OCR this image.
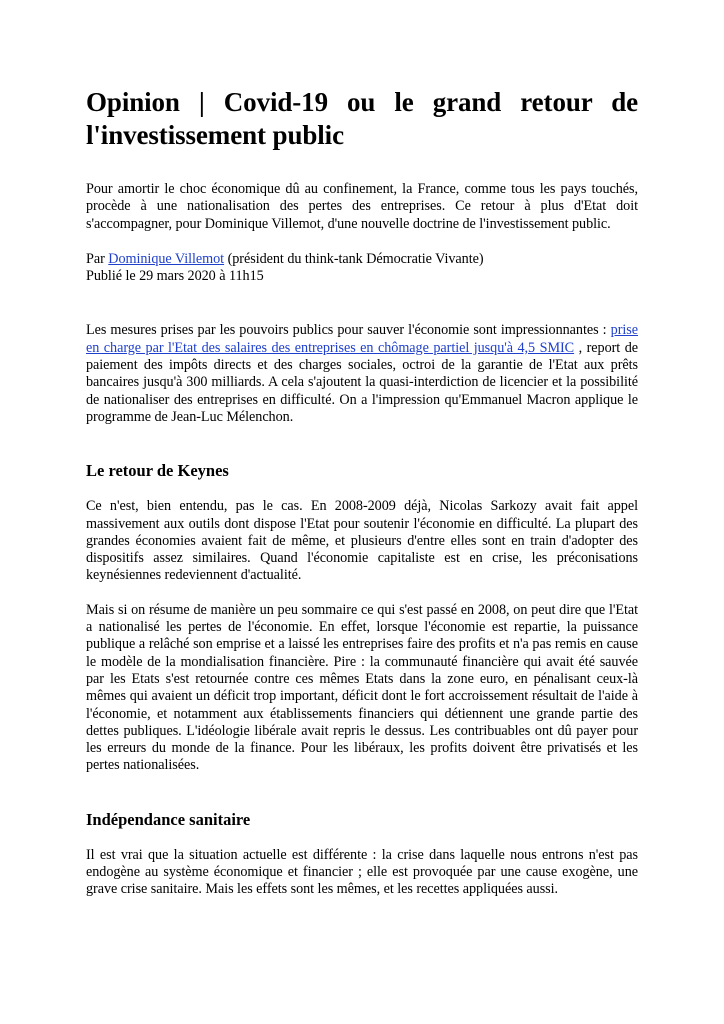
Opinion | Covid-19 ou le grand retour de l'investissement public

Pour amortir le choc économique dû au confinement, la France, comme tous les pays touchés, procède à une nationalisation des pertes des entreprises. Ce retour à plus d'Etat doit s'accompagner, pour Dominique Villemot, d'une nouvelle doctrine de l'investissement public.

Par Dominique Villemot (président du think-tank Démocratie Vivante)
Publié le 29 mars 2020 à 11h15

Les mesures prises par les pouvoirs publics pour sauver l'économie sont impressionnantes : prise en charge par l'Etat des salaires des entreprises en chômage partiel jusqu'à 4,5 SMIC , report de paiement des impôts directs et des charges sociales, octroi de la garantie de l'Etat aux prêts bancaires jusqu'à 300 milliards. A cela s'ajoutent la quasi-interdiction de licencier et la possibilité de nationaliser des entreprises en difficulté. On a l'impression qu'Emmanuel Macron applique le programme de Jean-Luc Mélenchon.

Le retour de Keynes

Ce n'est, bien entendu, pas le cas. En 2008-2009 déjà, Nicolas Sarkozy avait fait appel massivement aux outils dont dispose l'Etat pour soutenir l'économie en difficulté. La plupart des grandes économies avaient fait de même, et plusieurs d'entre elles sont en train d'adopter des dispositifs assez similaires. Quand l'économie capitaliste est en crise, les préconisations keynésiennes redeviennent d'actualité.

Mais si on résume de manière un peu sommaire ce qui s'est passé en 2008, on peut dire que l'Etat a nationalisé les pertes de l'économie. En effet, lorsque l'économie est repartie, la puissance publique a relâché son emprise et a laissé les entreprises faire des profits et n'a pas remis en cause le modèle de la mondialisation financière. Pire : la communauté financière qui avait été sauvée par les Etats s'est retournée contre ces mêmes Etats dans la zone euro, en pénalisant ceux-là mêmes qui avaient un déficit trop important, déficit dont le fort accroissement résultait de l'aide à l'économie, et notamment aux établissements financiers qui détiennent une grande partie des dettes publiques. L'idéologie libérale avait repris le dessus. Les contribuables ont dû payer pour les erreurs du monde de la finance. Pour les libéraux, les profits doivent être privatisés et les pertes nationalisées.

Indépendance sanitaire

Il est vrai que la situation actuelle est différente : la crise dans laquelle nous entrons n'est pas endogène au système économique et financier ; elle est provoquée par une cause exogène, une grave crise sanitaire. Mais les effets sont les mêmes, et les recettes appliquées aussi.
